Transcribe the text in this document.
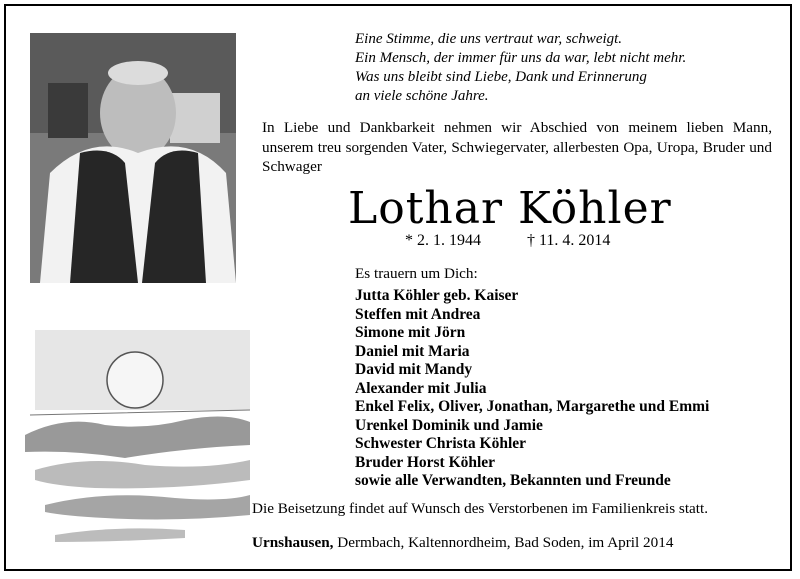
Eine Stimme, die uns vertraut war, schweigt.
Ein Mensch, der immer für uns da war, lebt nicht mehr.
Was uns bleibt sind Liebe, Dank und Erinnerung
an viele schöne Jahre.
In Liebe und Dankbarkeit nehmen wir Abschied von meinem lieben Mann, unserem treu sorgenden Vater, Schwiegervater, allerbesten Opa, Uropa, Bruder und Schwager
Lothar Köhler
* 2. 1. 1944	† 11. 4. 2014
Es trauern um Dich:
Jutta Köhler geb. Kaiser
Steffen mit Andrea
Simone mit Jörn
Daniel mit Maria
David mit Mandy
Alexander mit Julia
Enkel Felix, Oliver, Jonathan, Margarethe und Emmi
Urenkel Dominik und Jamie
Schwester Christa Köhler
Bruder Horst Köhler
sowie alle Verwandten, Bekannten und Freunde
Die Beisetzung findet auf Wunsch des Verstorbenen im Familienkreis statt.
Urnshausen, Dermbach, Kaltennordheim, Bad Soden, im April 2014
